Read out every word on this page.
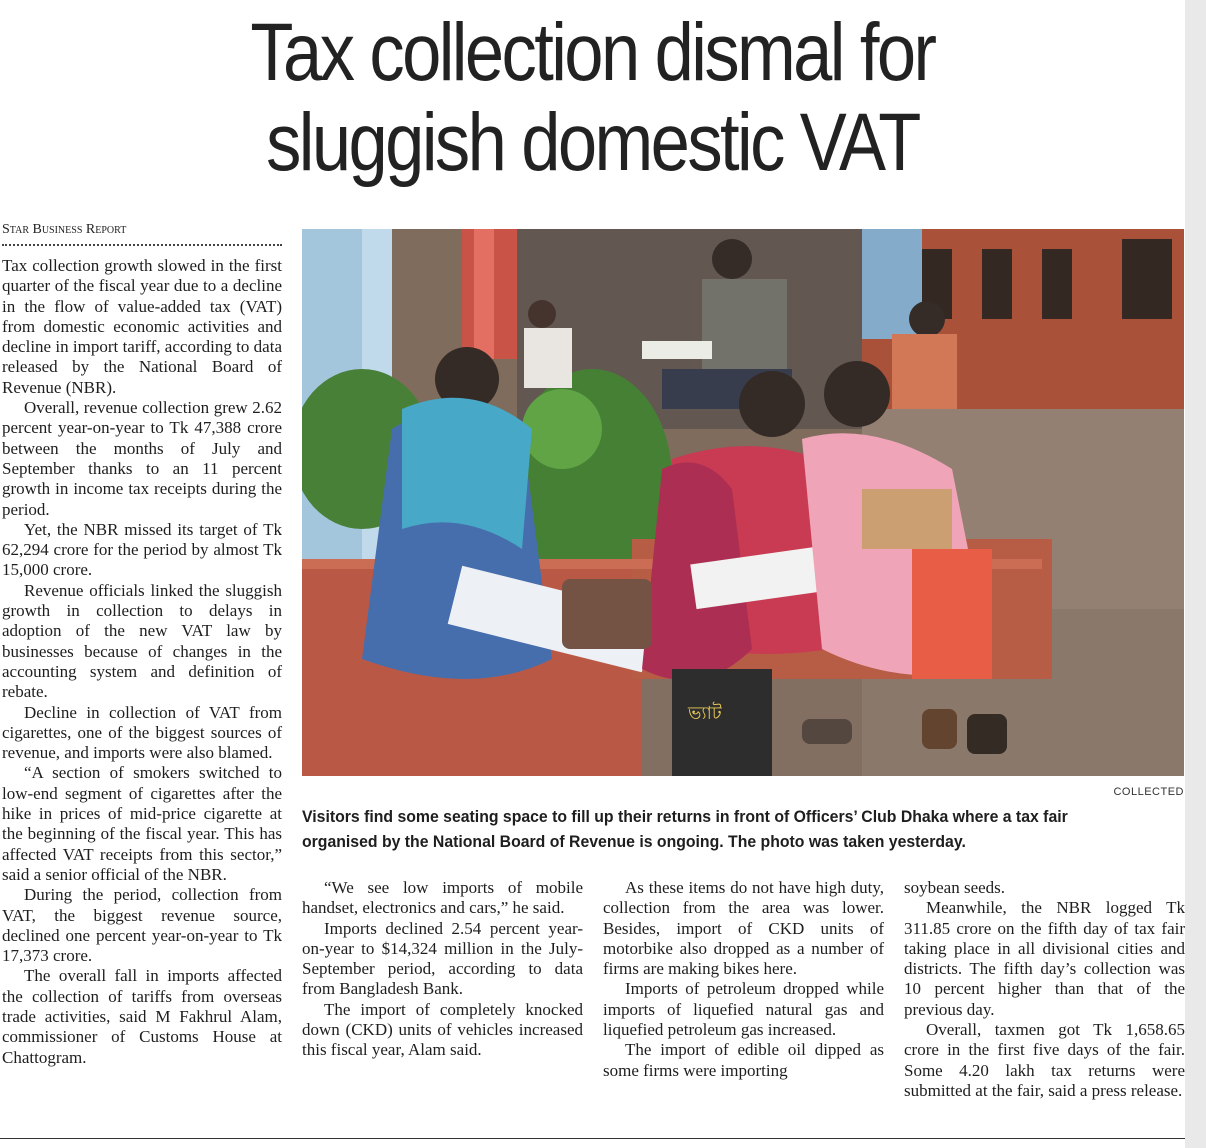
Tax collection dismal for
sluggish domestic VAT
Star Business Report

Tax collection growth slowed in the first quarter of the fiscal year due to a decline in the flow of value-added tax (VAT) from domestic economic activities and decline in import tariff, according to data released by the National Board of Revenue (NBR).

Overall, revenue collection grew 2.62 percent year-on-year to Tk 47,388 crore between the months of July and September thanks to an 11 percent growth in income tax receipts during the period.

Yet, the NBR missed its target of Tk 62,294 crore for the period by almost Tk 15,000 crore.

Revenue officials linked the sluggish growth in collection to delays in adoption of the new VAT law by businesses because of changes in the accounting system and definition of rebate.

Decline in collection of VAT from cigarettes, one of the biggest sources of revenue, and imports were also blamed.

“A section of smokers switched to low-end segment of cigarettes after the hike in prices of mid-price cigarette at the beginning of the fiscal year. This has affected VAT receipts from this sector,” said a senior official of the NBR.

During the period, collection from VAT, the biggest revenue source, declined one percent year-on-year to Tk 17,373 crore.

The overall fall in imports affected the collection of tariffs from overseas trade activities, said M Fakhrul Alam, commissioner of Customs House at Chattogram.

ভ্যাট
COLLECTED
Visitors find some seating space to fill up their returns in front of Officers’ Club Dhaka where a tax fair organised by the National Board of Revenue is ongoing. The photo was taken yesterday.

“We see low imports of mobile handset, electronics and cars,” he said.

Imports declined 2.54 percent year-on-year to $14,324 million in the July-September period, according to data from Bangladesh Bank.

The import of completely knocked down (CKD) units of vehicles increased this fiscal year, Alam said.

As these items do not have high duty, collection from the area was lower. Besides, import of CKD units of motorbike also dropped as a number of firms are making bikes here.

Imports of petroleum dropped while imports of liquefied natural gas and liquefied petroleum gas increased.

The import of edible oil dipped as some firms were importing

soybean seeds.

Meanwhile, the NBR logged Tk 311.85 crore on the fifth day of tax fair taking place in all divisional cities and districts. The fifth day’s collection was 10 percent higher than that of the previous day.

Overall, taxmen got Tk 1,658.65 crore in the first five days of the fair. Some 4.20 lakh tax returns were submitted at the fair, said a press release.
